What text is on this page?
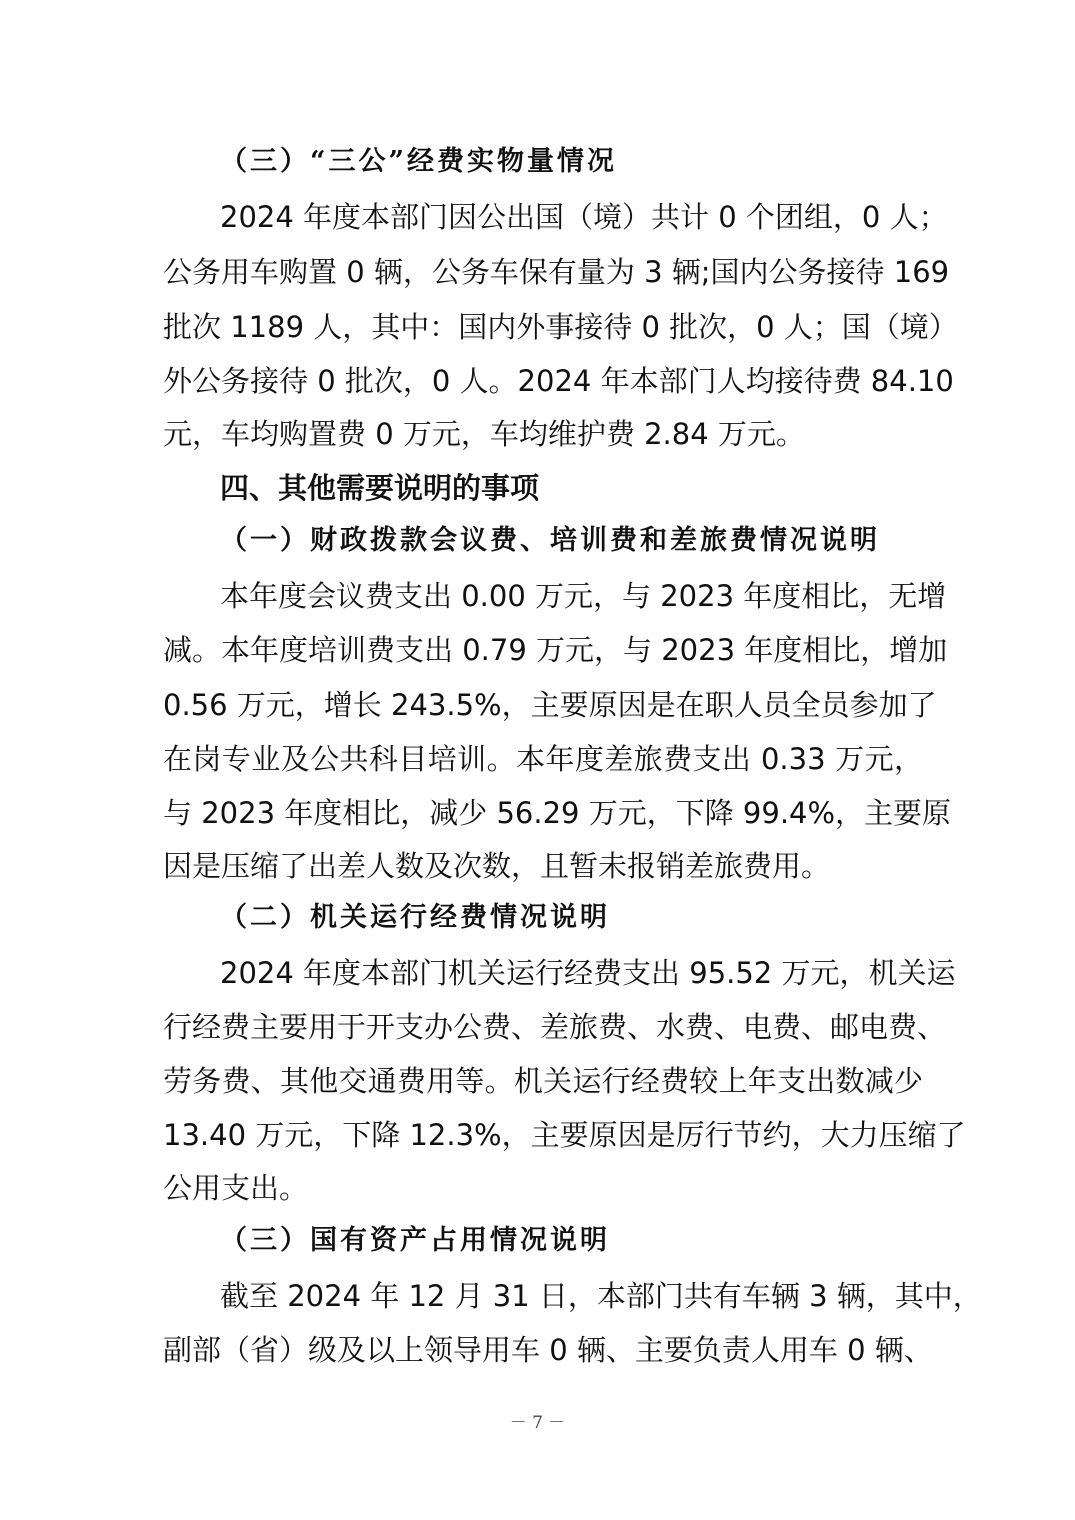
（三）“三公”经费实物量情况
2024 年度本部门因公出国（境）共计 0 个团组，0 人；
公务用车购置 0 辆，公务车保有量为 3 辆;国内公务接待 169
批次 1189 人，其中：国内外事接待 0 批次，0 人；国（境）
外公务接待 0 批次，0 人。2024 年本部门人均接待费 84.10
元，车均购置费 0 万元，车均维护费 2.84 万元。
四、其他需要说明的事项
（一）财政拨款会议费、培训费和差旅费情况说明
本年度会议费支出 0.00 万元，与 2023 年度相比，无增
减。本年度培训费支出 0.79 万元，与 2023 年度相比，增加
0.56 万元，增长 243.5%，主要原因是在职人员全员参加了
在岗专业及公共科目培训。本年度差旅费支出 0.33 万元，
与 2023 年度相比，减少 56.29 万元，下降 99.4%，主要原
因是压缩了出差人数及次数，且暂未报销差旅费用。
（二）机关运行经费情况说明
2024 年度本部门机关运行经费支出 95.52 万元，机关运
行经费主要用于开支办公费、差旅费、水费、电费、邮电费、
劳务费、其他交通费用等。机关运行经费较上年支出数减少
13.40 万元，下降 12.3%，主要原因是厉行节约，大力压缩了
公用支出。
（三）国有资产占用情况说明
截至 2024 年 12 月 31 日，本部门共有车辆 3 辆，其中，
副部（省）级及以上领导用车 0 辆、主要负责人用车 0 辆、
－ 7 －
